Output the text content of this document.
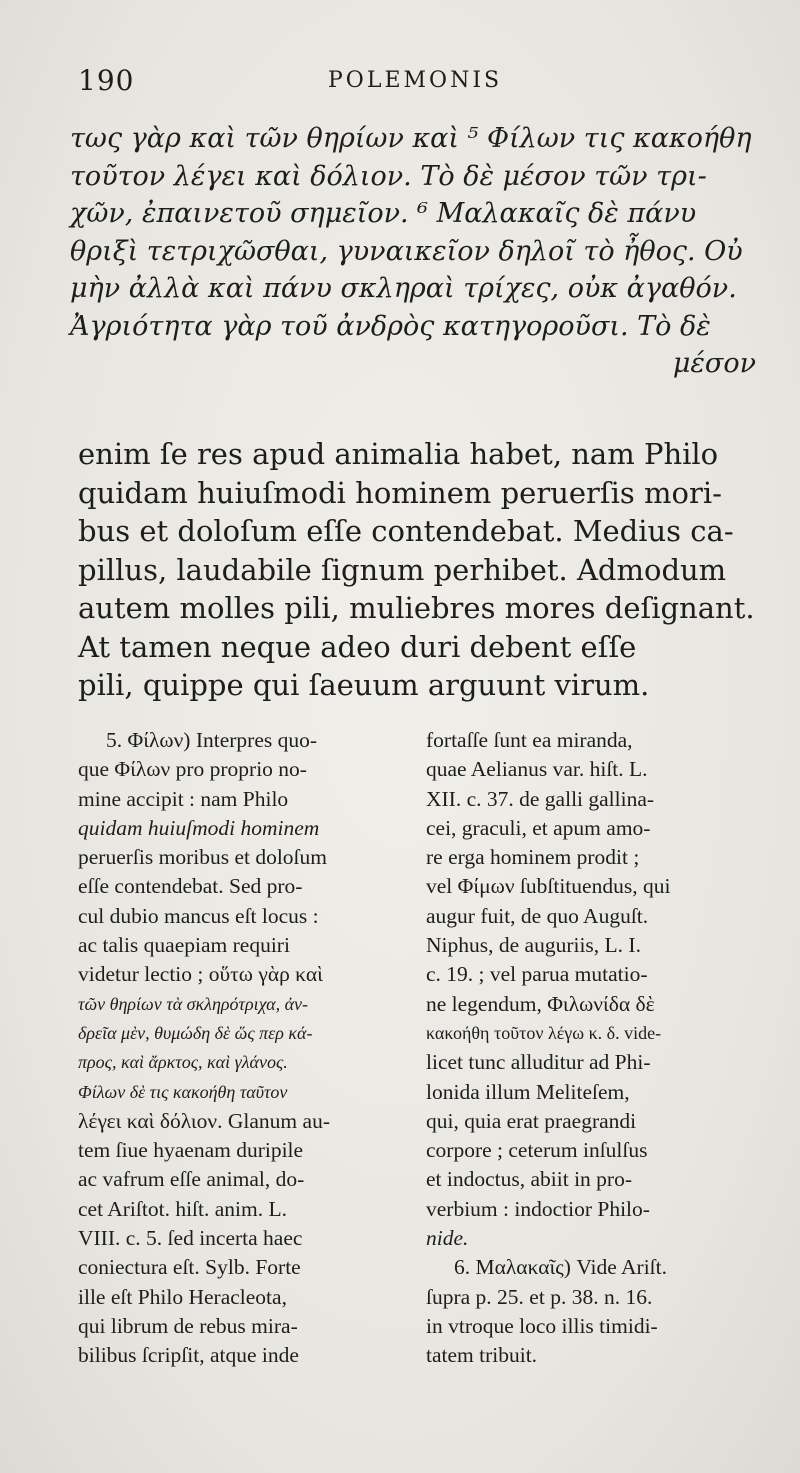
190	POLEMONIS
τως γὰρ καὶ τῶν θηρίων καὶ ⁵ Φίλων τις κακοήθη
τοῦτον λέγει καὶ δόλιον. Τὸ δὲ μέσον τῶν τρι-
χῶν, ἐπαινετοῦ σημεῖον. ⁶ Μαλακαῖς δὲ πάνυ
θριξὶ τετριχῶσθαι, γυναικεῖον δηλοῖ τὸ ἦθος. Οὐ
μὴν ἀλλὰ καὶ πάνυ σκληραὶ τρίχες, οὐκ ἀγαθόν.
Ἀγριότητα γὰρ τοῦ ἀνδρὸς κατηγοροῦσι. Τὸ δὲ
μέσον
enim ſe res apud animalia habet, nam Philo
quidam huiuſmodi hominem peruerſis mori-
bus et doloſum eſſe contendebat. Medius ca-
pillus, laudabile ſignum perhibet. Admodum
autem molles pili, muliebres mores deſignant.
At tamen neque adeo duri debent eſſe
pili, quippe qui ſaeuum arguunt virum.
5. Φίλων) Interpres quo-
que Φίλων pro proprio no-
mine accipit : nam Philo
quidam huiuſmodi hominem
peruerſis moribus et doloſum
eſſe contendebat. Sed pro-
cul dubio mancus eſt locus :
ac talis quaepiam requiri
videtur lectio ; οὕτω γὰρ καὶ
τῶν θηρίων τὰ σκληρότριχα, ἀν-
δρεῖα μὲν, θυμώδη δὲ ὥς περ κά-
προς, καὶ ἄρκτος, καὶ γλάνος.
Φίλων δὲ τις κακοήθη ταῦτον
λέγει καὶ δόλιον. Glanum au-
tem ſiue hyaenam duripile
ac vafrum eſſe animal, do-
cet Ariſtot. hiſt. anim. L.
VIII. c. 5. ſed incerta haec
coniectura eſt. Sylb. Forte
ille eſt Philo Heracleota,
qui librum de rebus mira-
bilibus ſcripſit, atque inde
fortaſſe ſunt ea miranda,
quae Aelianus var. hiſt. L.
XII. c. 37. de galli gallina-
cei, graculi, et apum amo-
re erga hominem prodit ;
vel Φίμων ſubſtituendus, qui
augur fuit, de quo Auguſt.
Niphus, de auguriis, L. I.
c. 19. ; vel parua mutatio-
ne legendum, Φιλωνίδα δὲ
κακοήθη τοῦτον λέγω κ. δ. vide-
licet tunc alluditur ad Phi-
lonida illum Meliteſem,
qui, quia erat praegrandi
corpore ; ceterum inſulſus
et indoctus, abiit in pro-
verbium : indoctior Philo-
nide.
6. Μαλακαῖς) Vide Ariſt.
ſupra p. 25. et p. 38. n. 16.
in vtroque loco illis timidi-
tatem tribuit.
